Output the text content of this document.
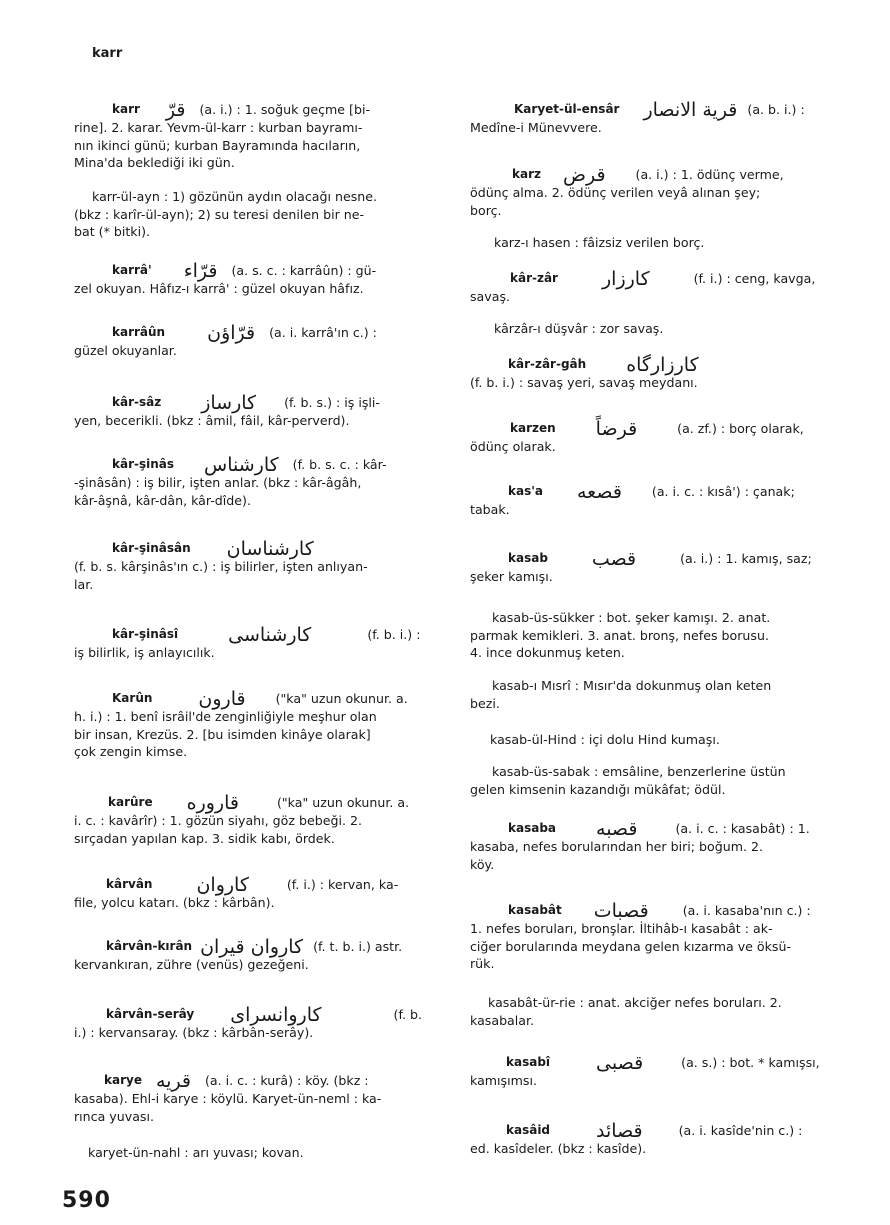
karr
karr قرّ (a. i.) : 1. soğuk geçme [bi-
rine]. 2. karar. Yevm-ül-karr : kurban bayramı-
nın ikinci günü; kurban Bayramında hacıların,
Mina'da beklediği iki gün.
karr-ül-ayn : 1) gözünün aydın olacağı nesne.
(bkz : karîr-ül-ayn); 2) su teresi denilen bir ne-
bat (* bitki).
karrâ' قرّاء (a. s. c. : karrâûn) : gü-
zel okuyan. Hâfız-ı karrâ' : güzel okuyan hâfız.
karrâûn قرّاؤن (a. i. karrâ'ın c.) :
güzel okuyanlar.
kâr-sâz كارساز (f. b. s.) : iş işli-
yen, becerikli. (bkz : âmil, fâil, kâr-perverd).
kâr-şinâs كارشناس (f. b. s. c. : kâr-
-şinâsân) : iş bilir, işten anlar. (bkz : kâr-âgâh,
kâr-âşnâ, kâr-dân, kâr-dîde).
kâr-şinâsân كارشناسان
(f. b. s. kârşinâs'ın c.) : iş bilirler, işten anlıyan-
lar.
kâr-şinâsî	كارشناسى	(f. b. i.) :
iş bilirlik, iş anlayıcılık.
Karûn قارون ("ka" uzun okunur. a.
h. i.) : 1. benî isrâil'de zenginliğiyle meşhur olan
bir insan, Krezüs. 2. [bu isimden kinâye olarak]
çok zengin kimse.
karûre قاروره	("ka" uzun okunur. a.
i. c. : kavârîr) : 1. gözün siyahı, göz bebeği. 2.
sırçadan yapılan kap. 3. sidik kabı, ördek.
kârvân كاروان	(f. i.) : kervan, ka-
file, yolcu katarı. (bkz : kârbân).
kârvân-kırân كاروان قيران (f. t. b. i.) astr.
kervankıran, zühre (venüs) gezeğeni.
kârvân-serây كاروانسراى	(f. b.
i.) : kervansaray. (bkz : kârbân-serây).
karye قريه (a. i. c. : kurâ) : köy. (bkz :
kasaba). Ehl-i karye : köylü. Karyet-ün-neml : ka-
rınca yuvası.
karyet-ün-nahl : arı yuvası; kovan.
Karyet-ül-ensâr قرية الانصار (a. b. i.) :
Medîne-i Münevvere.
karz قرض (a. i.) : 1. ödünç verme,
ödünç alma. 2. ödünç verilen veyâ alınan şey;
borç.
karz-ı hasen : fâizsiz verilen borç.
kâr-zâr كارزار	(f. i.) : ceng, kavga,
savaş.
kârzâr-ı düşvâr : zor savaş.
kâr-zâr-gâh كارزارگاه
(f. b. i.) : savaş yeri, savaş meydanı.
karzen قرضاً	(a. zf.) : borç olarak,
ödünç olarak.
kas'a قصعه (a. i. c. : kısâ') : çanak;
tabak.
kasab قصب	(a. i.) : 1. kamış, saz;
şeker kamışı.
kasab-üs-sükker : bot. şeker kamışı. 2. anat.
parmak kemikleri. 3. anat. bronş, nefes borusu.
4. ince dokunmuş keten.
kasab-ı Mısrî : Mısır'da dokunmuş olan keten
bezi.
kasab-ül-Hind : içi dolu Hind kumaşı.
kasab-üs-sabak : emsâline, benzerlerine üstün
gelen kimsenin kazandığı mükâfat; ödül.
kasaba قصبه	(a. i. c. : kasabât) : 1.
kasaba, nefes borularından her biri; boğum. 2.
köy.
kasabât قصبات	(a. i. kasaba'nın c.) :
1. nefes boruları, bronşlar. İltihâb-ı kasabât : ak-
ciğer borularında meydana gelen kızarma ve öksü-
rük.
kasabât-ür-rie : anat. akciğer nefes boruları. 2.
kasabalar.
kasabî قصبى	(a. s.) : bot. * kamışsı,
kamışımsı.
kasâid قصائد	(a. i. kasîde'nin c.) :
ed. kasîdeler. (bkz : kasîde).
590
